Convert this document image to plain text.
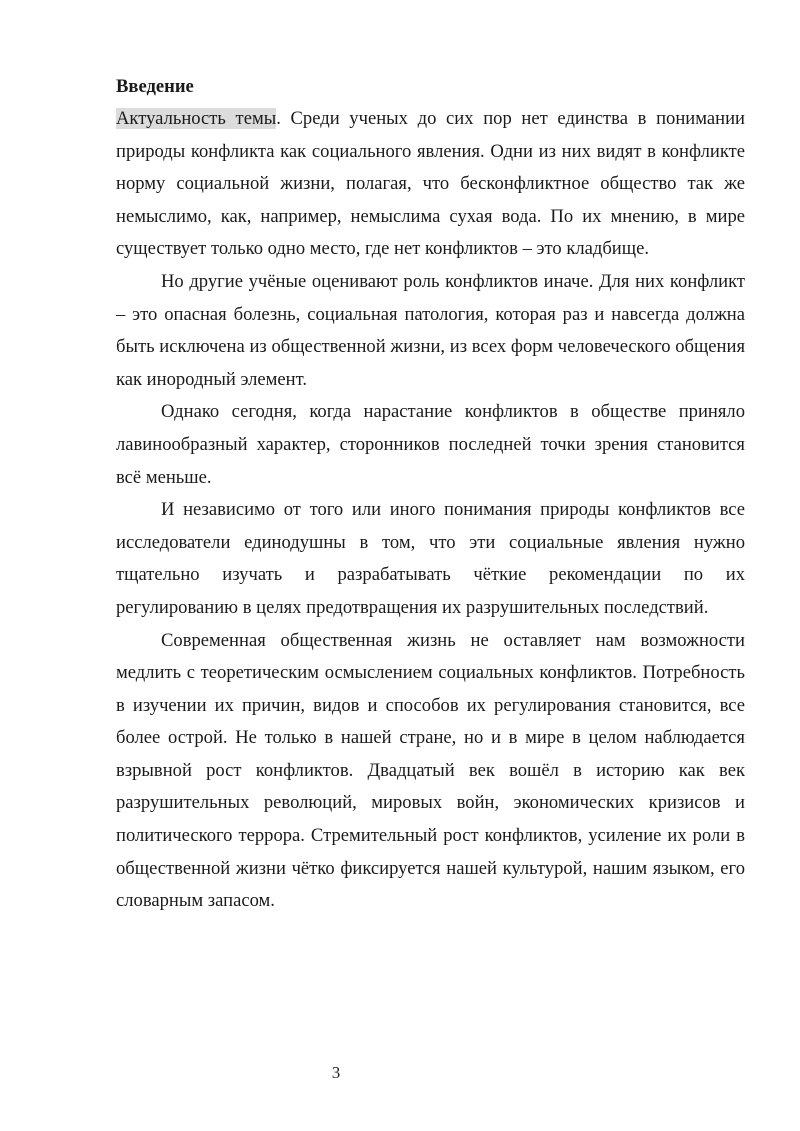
Введение

Актуальность темы. Среди ученых до сих пор нет единства в понимании природы конфликта как социального явления. Одни из них видят в конфликте норму социальной жизни, полагая, что бесконфликтное общество так же немыслимо, как, например, немыслима сухая вода. По их мнению, в мире существует только одно место, где нет конфликтов – это кладбище.

Но другие учёные оценивают роль конфликтов иначе. Для них конфликт – это опасная болезнь, социальная патология, которая раз и навсегда должна быть исключена из общественной жизни, из всех форм человеческого общения как инородный элемент.

Однако сегодня, когда нарастание конфликтов в обществе приняло лавинообразный характер, сторонников последней точки зрения становится всё меньше.

И независимо от того или иного понимания природы конфликтов все исследователи единодушны в том, что эти социальные явления нужно тщательно изучать и разрабатывать чёткие рекомендации по их регулированию в целях предотвращения их разрушительных последствий.

Современная общественная жизнь не оставляет нам возможности медлить с теоретическим осмыслением социальных конфликтов. Потребность в изучении их причин, видов и способов их регулирования становится, все более острой. Не только в нашей стране, но и в мире в целом наблюдается взрывной рост конфликтов. Двадцатый век вошёл в историю как век разрушительных революций, мировых войн, экономических кризисов и политического террора. Стремительный рост конфликтов, усиление их роли в общественной жизни чётко фиксируется нашей культурой, нашим языком, его словарным запасом.

3
